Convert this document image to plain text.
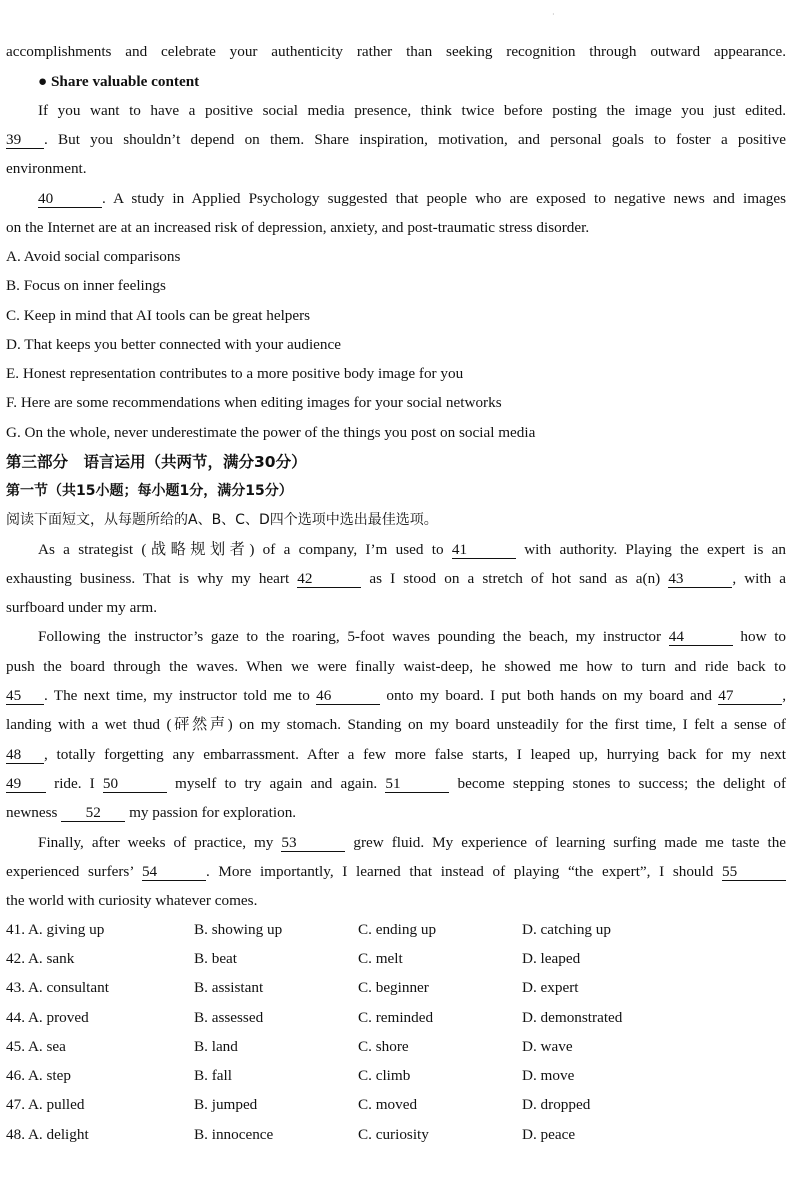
·
accomplishments and celebrate your authenticity rather than seeking recognition through outward appearance.
● Share valuable content
If you want to have a positive social media presence, think twice before posting the image you just edited.
39 . But you shouldn’t depend on them. Share inspiration, motivation, and personal goals to foster a positive
environment.
40	. A study in Applied Psychology suggested that people who are exposed to negative news and images
on the Internet are at an increased risk of depression, anxiety, and post-traumatic stress disorder.
A. Avoid social comparisons
B. Focus on inner feelings
C. Keep in mind that AI tools can be great helpers
D. That keeps you better connected with your audience
E. Honest representation contributes to a more positive body image for you
F. Here are some recommendations when editing images for your social networks
G. On the whole, never underestimate the power of the things you post on social media
第三部分　语言运用（共两节，满分30分）
第一节（共15小题；每小题1分，满分15分）
阅读下面短文，从每题所给的A、B、C、D四个选项中选出最佳选项。
As a strategist (战略规划者) of a company, I’m used to 41	with authority. Playing the expert is an
exhausting business. That is why my heart 42	as I stood on a stretch of hot sand as a(n) 43	, with a
surfboard under my arm.
Following the instructor’s gaze to the roaring, 5-foot waves pounding the beach, my instructor 44	how to
push the board through the waves. When we were finally waist-deep, he showed me how to turn and ride back to
45 . The next time, my instructor told me to 46	onto my board. I put both hands on my board and 47	,
landing with a wet thud (砰然声) on my stomach. Standing on my board unsteadily for the first time, I felt a sense of
48 , totally forgetting any embarrassment. After a few more false starts, I leaped up, hurrying back for my next
49 ride. I 50	myself to try again and again. 51	become stepping stones to success; the delight of
newness 52 my passion for exploration.
Finally, after weeks of practice, my 53	grew fluid. My experience of learning surfing made me taste the
experienced surfers’ 54	. More importantly, I learned that instead of playing “the expert”, I should 55
the world with curiosity whatever comes.
41. A. giving up	B. showing up	C. ending up	D. catching up
42. A. sank	B. beat	C. melt	D. leaped
43. A. consultant	B. assistant	C. beginner	D. expert
44. A. proved	B. assessed	C. reminded	D. demonstrated
45. A. sea	B. land	C. shore	D. wave
46. A. step	B. fall	C. climb	D. move
47. A. pulled	B. jumped	C. moved	D. dropped
48. A. delight	B. innocence	C. curiosity	D. peace
